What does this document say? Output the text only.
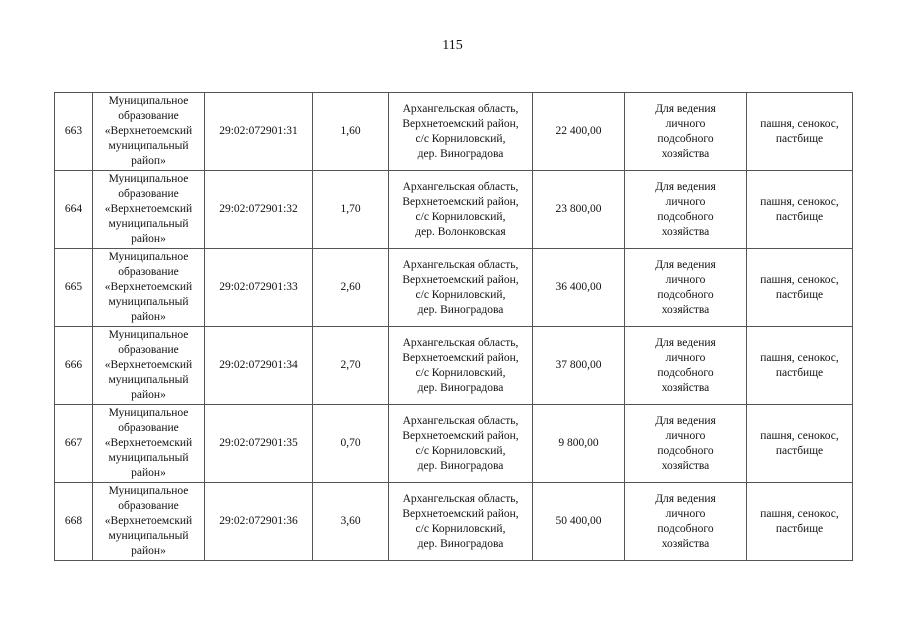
115
663	Муниципальное
образование
«Верхнетоемский
муниципальный
райоп»	29:02:072901:31	1,60	Архангельская область,
Верхнетоемский район,
с/с Корниловский,
дер. Виноградова	22 400,00	Для ведения
личного
подсобного
хозяйства	пашня, сенокос,
пастбище

664	Муниципальное
образование
«Верхнетоемский
муниципальный
район»	29:02:072901:32	1,70	Архангельская область,
Верхнетоемский район,
с/с Корниловский,
дер. Волонковская	23 800,00	Для ведения
личного
подсобного
хозяйства	пашня, сенокос,
пастбище

665	Муниципальное
образование
«Верхнетоемский
муниципальный
район»	29:02:072901:33	2,60	Архангельская область,
Верхнетоемский район,
с/с Корниловский,
дер. Виноградова	36 400,00	Для ведения
личного
подсобного
хозяйства	пашня, сенокос,
пастбище

666	Муниципальное
образование
«Верхнетоемский
муниципальный
район»	29:02:072901:34	2,70	Архангельская область,
Верхнетоемский район,
с/с Корниловский,
дер. Виноградова	37 800,00	Для ведения
личного
подсобного
хозяйства	пашня, сенокос,
пастбище

667	Муниципальное
образование
«Верхнетоемский
муниципальный
район»	29:02:072901:35	0,70	Архангельская область,
Верхнетоемский район,
с/с Корниловский,
дер. Виноградова	9 800,00	Для ведения
личного
подсобного
хозяйства	пашня, сенокос,
пастбище

668	Муниципальное
образование
«Верхнетоемский
муниципальный
район»	29:02:072901:36	3,60	Архангельская область,
Верхнетоемский район,
с/с Корниловский,
дер. Виноградова	50 400,00	Для ведения
личного
подсобного
хозяйства	пашня, сенокос,
пастбище
